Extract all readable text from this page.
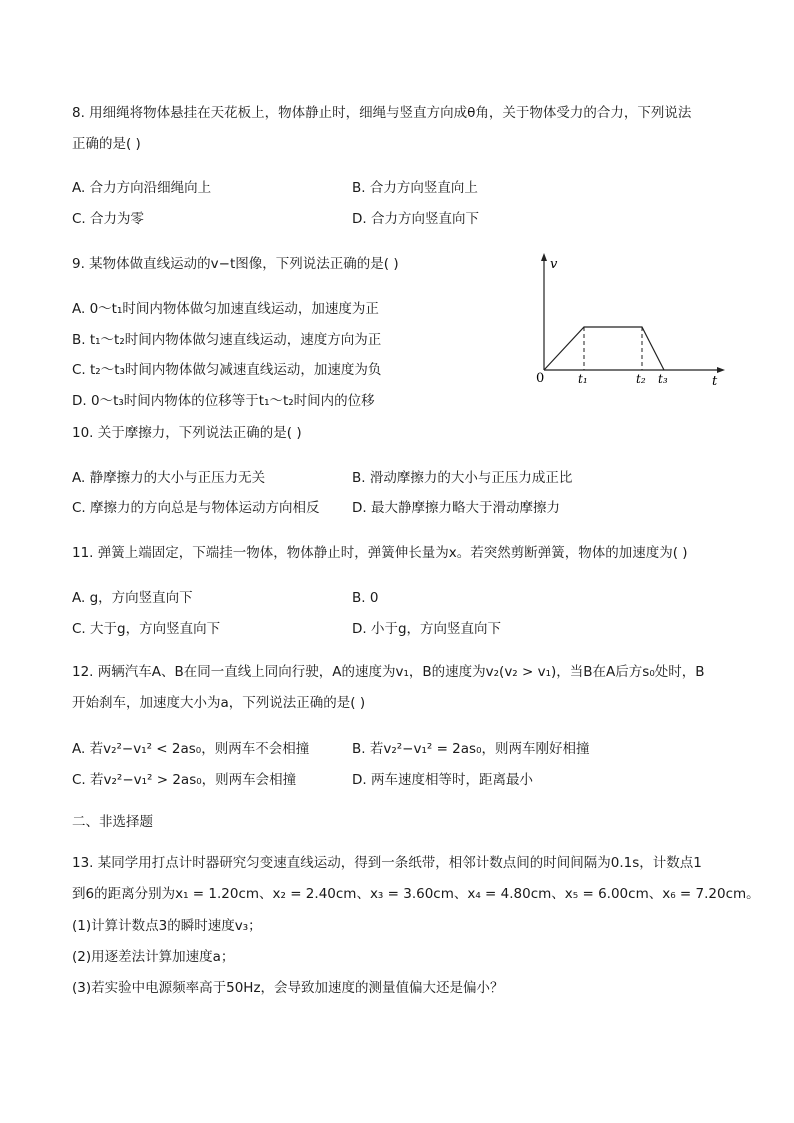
8. 用细绳将物体悬挂在天花板上，物体静止时，细绳与竖直方向成θ角，关于物体受力的合力，下列说法
正确的是( )
A. 合力方向沿细绳向上	B. 合力方向竖直向上
C. 合力为零	D. 合力方向竖直向下
9. 某物体做直线运动的v−t图像，下列说法正确的是( )
A. 0～t₁时间内物体做匀加速直线运动，加速度为正
B. t₁～t₂时间内物体做匀速直线运动，速度方向为正
C. t₂～t₃时间内物体做匀减速直线运动，加速度为负
D. 0～t₃时间内物体的位移等于t₁～t₂时间内的位移
v
t
0	t₁	t₂ t₃
10. 关于摩擦力，下列说法正确的是( )
A. 静摩擦力的大小与正压力无关	B. 滑动摩擦力的大小与正压力成正比
C. 摩擦力的方向总是与物体运动方向相反 D. 最大静摩擦力略大于滑动摩擦力
11. 弹簧上端固定，下端挂一物体，物体静止时，弹簧伸长量为x。若突然剪断弹簧，物体的加速度为( )
A. g，方向竖直向下	B. 0
C. 大于g，方向竖直向下	D. 小于g，方向竖直向下
12. 两辆汽车A、B在同一直线上同向行驶，A的速度为v₁，B的速度为v₂(v₂ > v₁)，当B在A后方s₀处时，B
开始刹车，加速度大小为a，下列说法正确的是( )
A. 若v₂²−v₁² < 2as₀，则两车不会相撞	B. 若v₂²−v₁² = 2as₀，则两车刚好相撞
C. 若v₂²−v₁² > 2as₀，则两车会相撞	D. 两车速度相等时，距离最小
二、非选择题
13. 某同学用打点计时器研究匀变速直线运动，得到一条纸带，相邻计数点间的时间间隔为0.1s，计数点1
到6的距离分别为x₁ = 1.20cm、x₂ = 2.40cm、x₃ = 3.60cm、x₄ = 4.80cm、x₅ = 6.00cm、x₆ = 7.20cm。
(1)计算计数点3的瞬时速度v₃；
(2)用逐差法计算加速度a；
(3)若实验中电源频率高于50Hz，会导致加速度的测量值偏大还是偏小？
